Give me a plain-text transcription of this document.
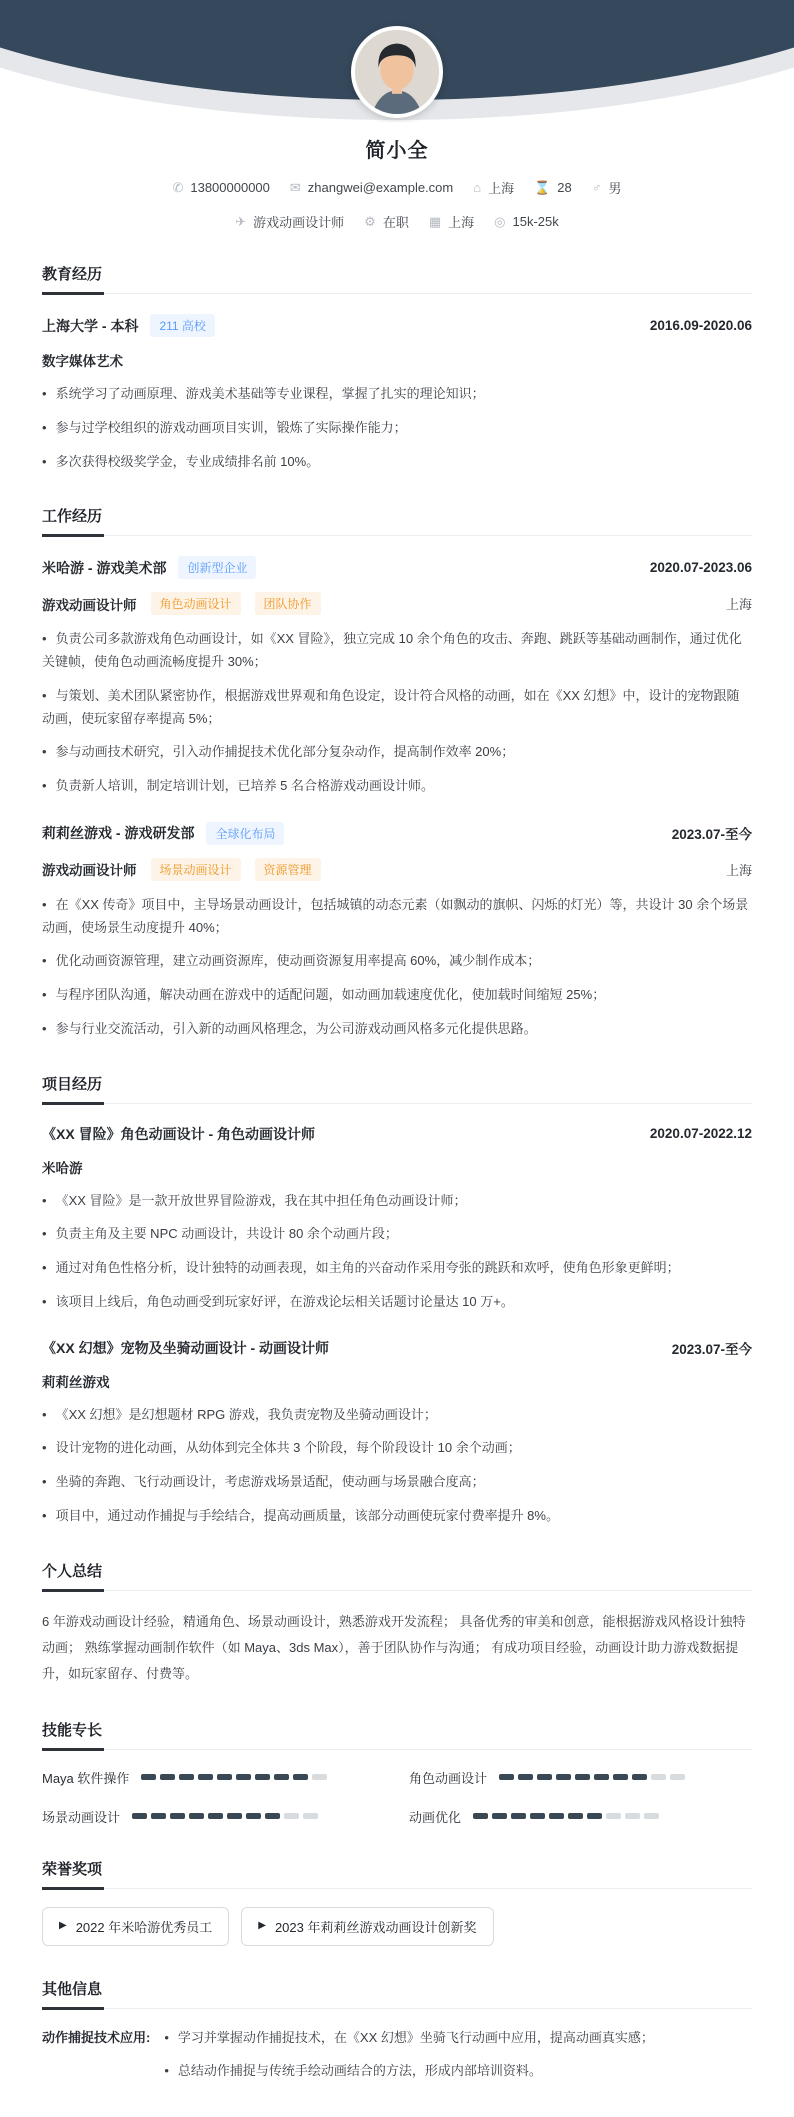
简小全
✆ 13800000000 ✉ zhangwei@example.com ⌂ 上海 ⌛ 28 ♂ 男
✈ 游戏动画设计师 ⚙ 在职 ▦ 上海 ◎ 15k-25k
教育经历
上海大学 - 本科	211 高校	2016.09-2020.06
数字媒体艺术
• 系统学习了动画原理、游戏美术基础等专业课程，掌握了扎实的理论知识；
• 参与过学校组织的游戏动画项目实训，锻炼了实际操作能力；
• 多次获得校级奖学金，专业成绩排名前 10%。
工作经历
米哈游 - 游戏美术部	创新型企业	2020.07-2023.06
游戏动画设计师	角色动画设计	团队协作	上海
• 负责公司多款游戏角色动画设计，如《XX 冒险》，独立完成 10 余个角色的攻击、奔跑、跳跃等基础动画制作，通过优化关键帧，使角色动画流畅度提升 30%；
• 与策划、美术团队紧密协作，根据游戏世界观和角色设定，设计符合风格的动画，如在《XX 幻想》中，设计的宠物跟随动画，使玩家留存率提高 5%；
• 参与动画技术研究，引入动作捕捉技术优化部分复杂动作，提高制作效率 20%；
• 负责新人培训，制定培训计划，已培养 5 名合格游戏动画设计师。
莉莉丝游戏 - 游戏研发部	全球化布局	2023.07-至今
游戏动画设计师	场景动画设计	资源管理	上海
• 在《XX 传奇》项目中，主导场景动画设计，包括城镇的动态元素（如飘动的旗帜、闪烁的灯光）等，共设计 30 余个场景动画，使场景生动度提升 40%；
• 优化动画资源管理，建立动画资源库，使动画资源复用率提高 60%，减少制作成本；
• 与程序团队沟通，解决动画在游戏中的适配问题，如动画加载速度优化，使加载时间缩短 25%；
• 参与行业交流活动，引入新的动画风格理念，为公司游戏动画风格多元化提供思路。
项目经历
《XX 冒险》角色动画设计 - 角色动画设计师	2020.07-2022.12
米哈游
• 《XX 冒险》是一款开放世界冒险游戏，我在其中担任角色动画设计师；
• 负责主角及主要 NPC 动画设计，共设计 80 余个动画片段；
• 通过对角色性格分析，设计独特的动画表现，如主角的兴奋动作采用夸张的跳跃和欢呼，使角色形象更鲜明；
• 该项目上线后，角色动画受到玩家好评，在游戏论坛相关话题讨论量达 10 万+。
《XX 幻想》宠物及坐骑动画设计 - 动画设计师	2023.07-至今
莉莉丝游戏
• 《XX 幻想》是幻想题材 RPG 游戏，我负责宠物及坐骑动画设计；
• 设计宠物的进化动画，从幼体到完全体共 3 个阶段，每个阶段设计 10 余个动画；
• 坐骑的奔跑、飞行动画设计，考虑游戏场景适配，使动画与场景融合度高；
• 项目中，通过动作捕捉与手绘结合，提高动画质量，该部分动画使玩家付费率提升 8%。
个人总结

6 年游戏动画设计经验，精通角色、场景动画设计，熟悉游戏开发流程； 具备优秀的审美和创意，能根据游戏风格设计独特动画； 熟练掌握动画制作软件（如 Maya、3ds Max），善于团队协作与沟通； 有成功项目经验，动画设计助力游戏数据提升，如玩家留存、付费等。

技能专长
Maya 软件操作	角色动画设计
场景动画设计	动画优化
荣誉奖项
▶
2022 年米哈游优秀员工 ▶	2023 年莉莉丝游戏动画设计创新奖
其他信息
动作捕捉技术应用:	• 学习并掌握动作捕捉技术，在《XX 幻想》坐骑飞行动画中应用，提高动画真实感；
• 总结动作捕捉与传统手绘动画结合的方法，形成内部培训资料。
